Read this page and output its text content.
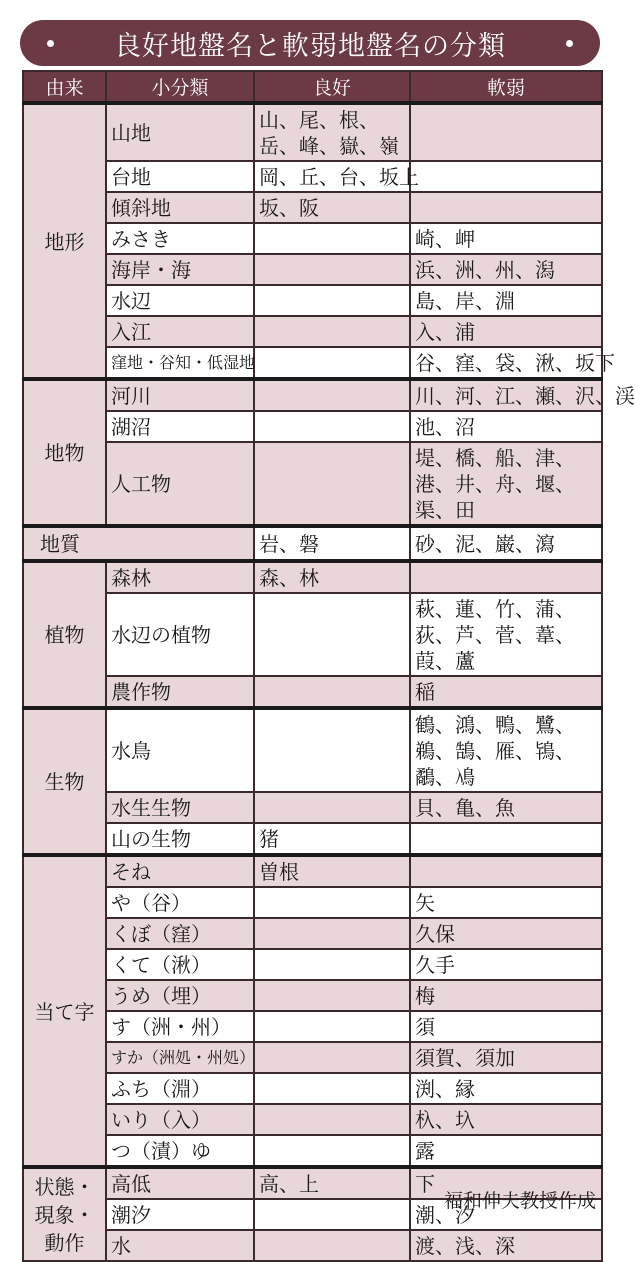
良好地盤名と軟弱地盤名の分類
由来	小分類	良好	軟弱
地形	山地	山、尾、根、岳、峰、嶽、嶺	
	台地	岡、丘、台、坂上	
	傾斜地	坂、阪	
	みさき		崎、岬
	海岸・海		浜、洲、州、潟
	水辺		島、岸、淵
	入江		入、浦
	窪地・谷知・低湿地		谷、窪、袋、湫、坂下
地物	河川		川、河、江、瀬、沢、渓
	湖沼		池、沼
	人工物		堤、橋、船、津、港、井、舟、堰、渠、田
地質		岩、磐	砂、泥、巌、瀉
植物	森林	森、林	
	水辺の植物		萩、蓮、竹、蒲、荻、芦、菅、葦、葭、蘆
	農作物		稲
生物	水鳥		鶴、鴻、鴨、鷺、鵜、鵠、雁、鴇、鷸、鳰
	水生生物		貝、亀、魚
	山の生物	猪	
当て字	そね	曽根	
	や（谷）		矢
	くぼ（窪）		久保
	くて（湫）		久手
	うめ（埋）		梅
	す（洲・州）		須
	すか（洲処・州処）		須賀、須加
	ふち（淵）		渕、縁
	いり（入）		杁、圦
	つ（漬）ゆ		露
状態・現象・動作	高低	高、上	下
	潮汐		潮、汐
	水		渡、浅、深
福和伸夫教授作成
